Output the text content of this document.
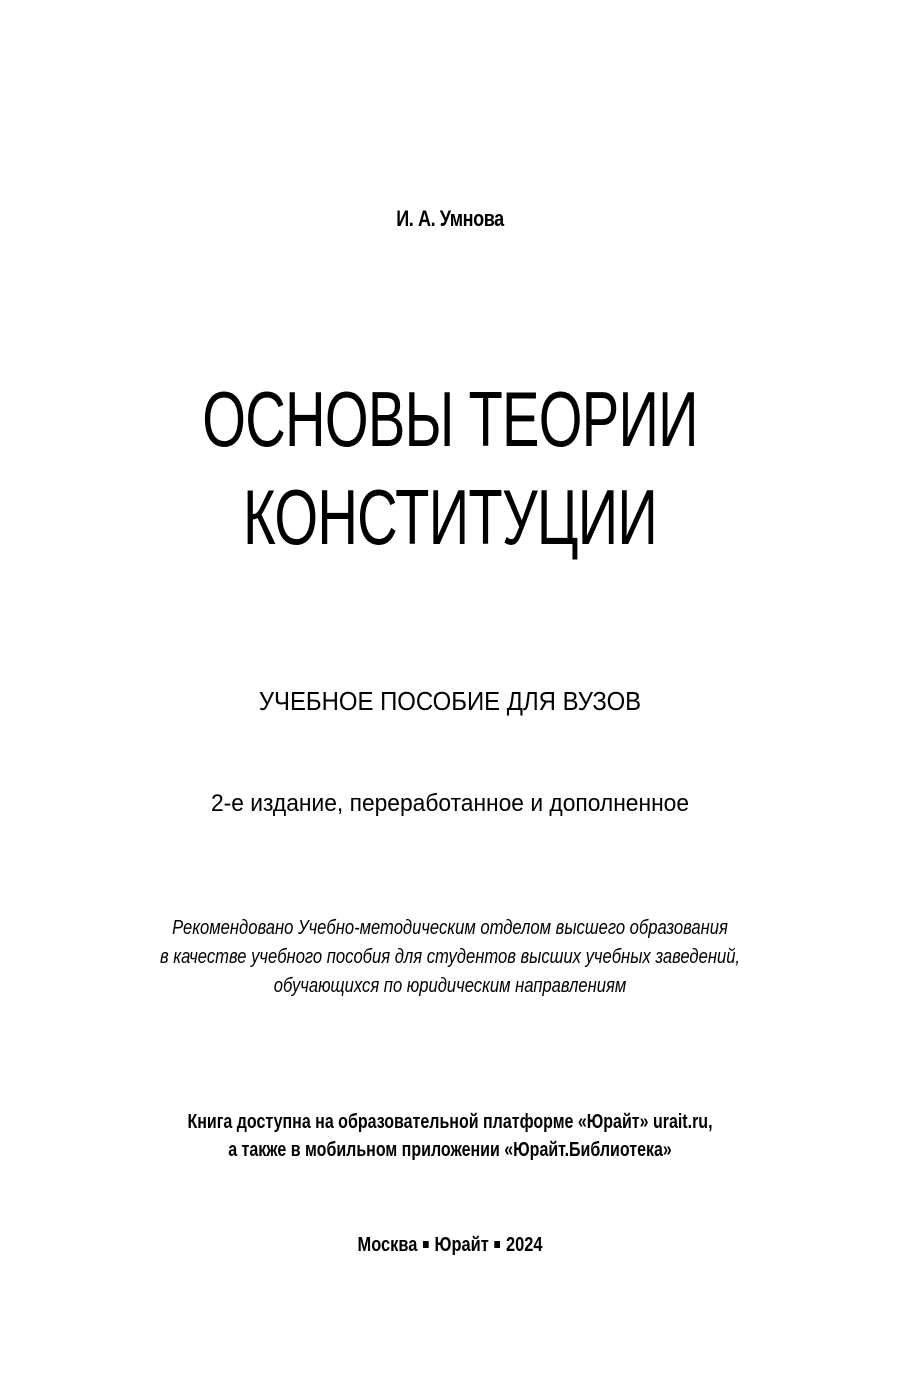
И. А. Умнова
ОСНОВЫ ТЕОРИИ
КОНСТИТУЦИИ
УЧЕБНОЕ ПОСОБИЕ ДЛЯ ВУЗОВ
2-е издание, переработанное и дополненное
Рекомендовано Учебно-методическим отделом высшего образования
в качестве учебного пособия для студентов высших учебных заведений,
обучающихся по юридическим направлениям
Книга доступна на образовательной платформе «Юрайт» urait.ru,
а также в мобильном приложении «Юрайт.Библиотека»
Москва Юрайт 2024
